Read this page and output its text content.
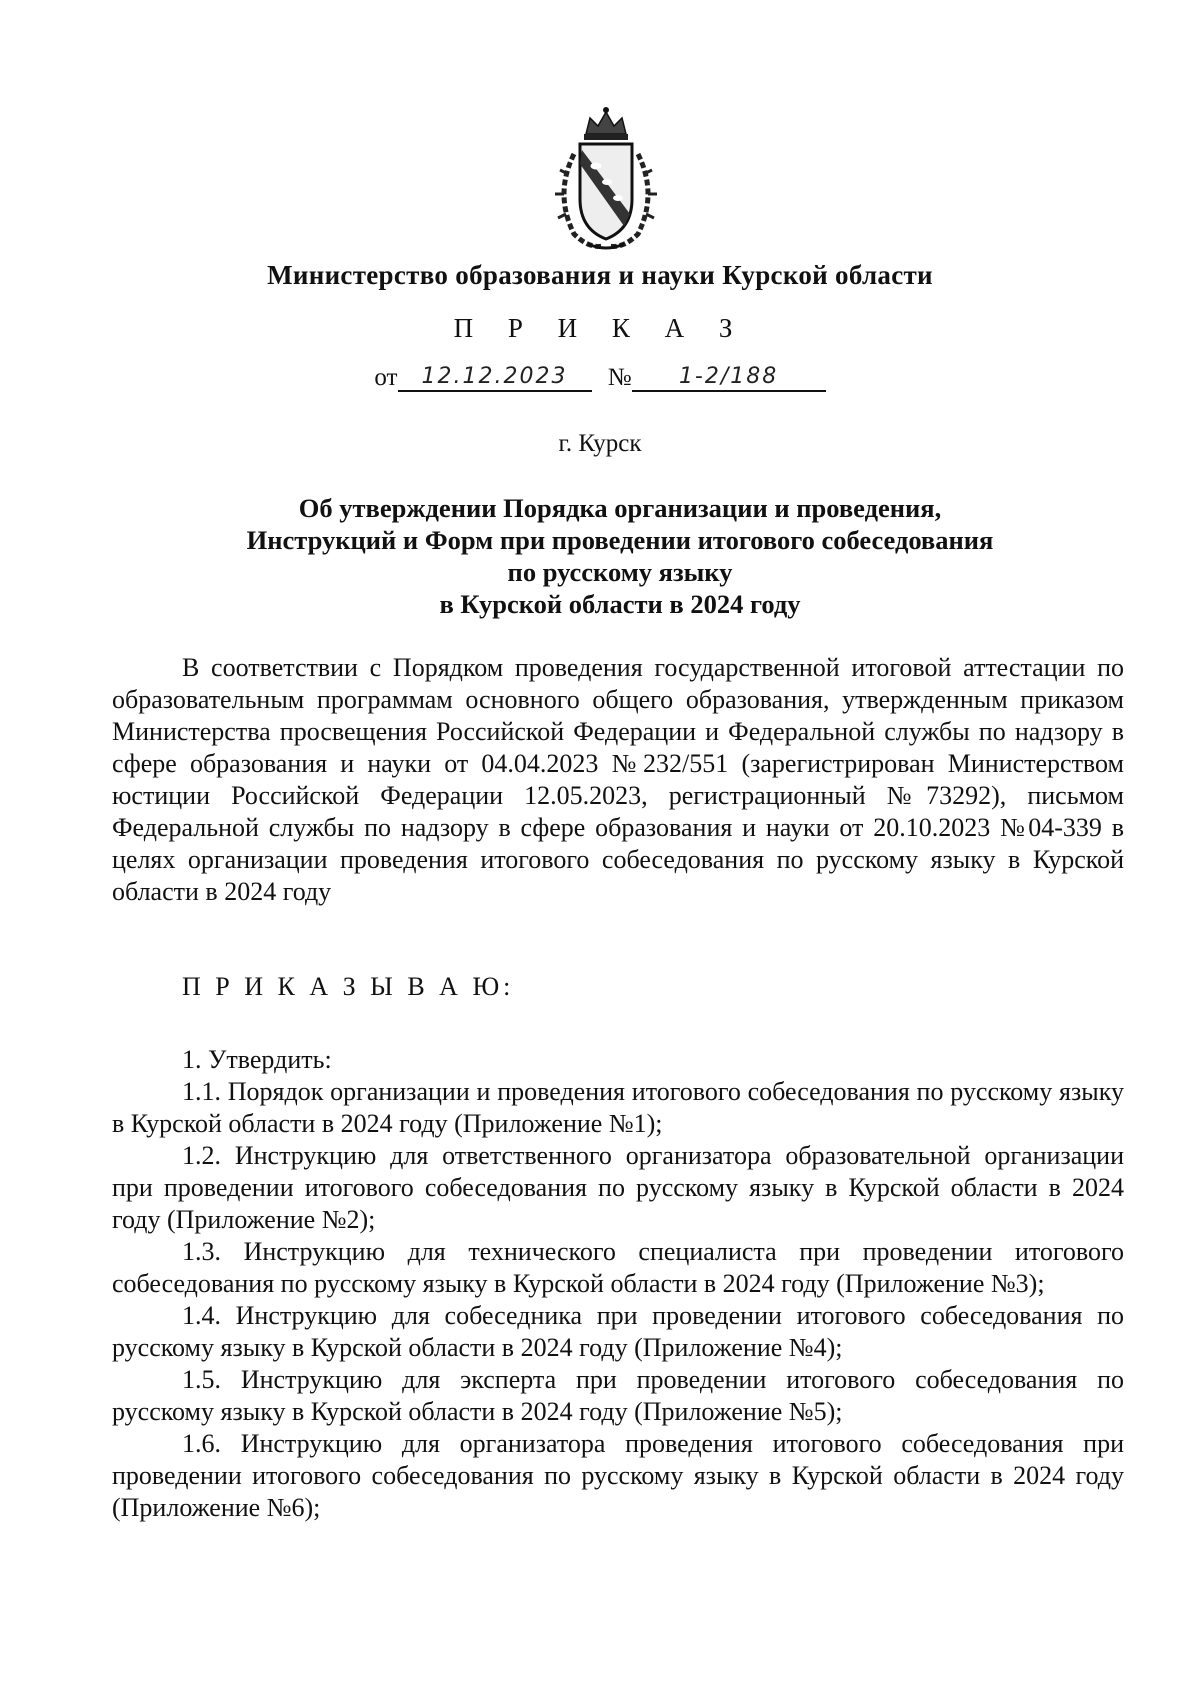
Министерство образования и науки Курской области
П Р И К А З
от 12.12.2023 № 1-2/188
г. Курск
Об утверждении Порядка организации и проведения,
Инструкций и Форм при проведении итогового собеседования
по русскому языку
в Курской области в 2024 году

В соответствии с Порядком проведения государственной итоговой аттестации по образовательным программам основного общего образования, утвержденным приказом Министерства просвещения Российской Федерации и Федеральной службы по надзору в сфере образования и науки от 04.04.2023 №232/551 (зарегистрирован Министерством юстиции Российской Федерации 12.05.2023, регистрационный №73292), письмом Федеральной службы по надзору в сфере образования и науки от 20.10.2023 №04-339 в целях организации проведения итогового собеседования по русскому языку в Курской области в 2024 году

П Р И К А З Ы В А Ю:

1. Утвердить:

1.1. Порядок организации и проведения итогового собеседования по русскому языку в Курской области в 2024 году (Приложение №1);

1.2. Инструкцию для ответственного организатора образовательной организации при проведении итогового собеседования по русскому языку в Курской области в 2024 году (Приложение №2);

1.3. Инструкцию для технического специалиста при проведении итогового собеседования по русскому языку в Курской области в 2024 году (Приложение №3);

1.4. Инструкцию для собеседника при проведении итогового собеседования по русскому языку в Курской области в 2024 году (Приложение №4);

1.5. Инструкцию для эксперта при проведении итогового собеседования по русскому языку в Курской области в 2024 году (Приложение №5);

1.6. Инструкцию для организатора проведения итогового собеседования при проведении итогового собеседования по русскому языку в Курской области в 2024 году (Приложение №6);
